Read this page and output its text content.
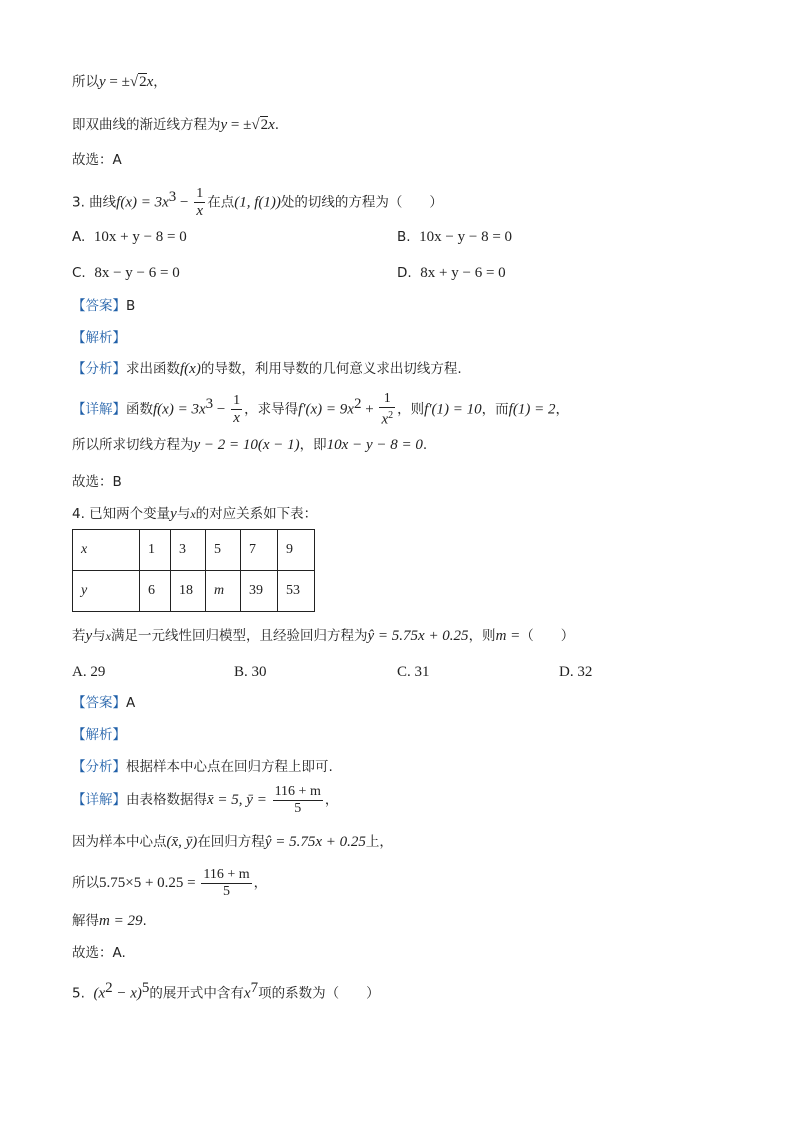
所以y = ±√2x，
即双曲线的渐近线方程为y = ±√2x.
故选：A
3. 曲线$f(x) = 3x^3 - \frac{1}{x}$ 在点(1, f(1))处的切线的方程为（　　）
A. 10x + y − 8 = 0	B. 10x − y − 8 = 0
C. 8x − y − 6 = 0	D. 8x + y − 6 = 0
【答案】B
【解析】
【分析】求出函数f(x)的导数，利用导数的几何意义求出切线方程.
【详解】函数$f(x) = 3x^3 - \frac{1}{x}$ ，求导得$f'(x) = 9x^2 + \frac{1}{x^2}$ ，则f′(1) = 10，而f(1) = 2，
所以所求切线方程为y − 2 = 10(x − 1)，即10x − y − 8 = 0.
故选：B
4. 已知两个变量y与x的对应关系如下表：
x	1	3	5	7	9
y	6	18	m	39	53
若y与x满足一元线性回归模型，且经验回归方程为ŷ = 5.75x + 0.25，则m =（　　）
A. 29	B. 30	C. 31	D. 32
【答案】A
【解析】
【分析】根据样本中心点在回归方程上即可.
【详解】由表格数据得x̄ = 5, ȳ = $\frac{116 + m}{5}$ ，
因为样本中心点(x̄, ȳ)在回归方程ŷ = 5.75x + 0.25上，
所以$5.75\times 5 + 0.25 = \frac{116 + m}{5}$ ，
解得m = 29.
故选：A.
5. $(x^2 - x)^5$的展开式中含有$x^7$项的系数为（　　）
